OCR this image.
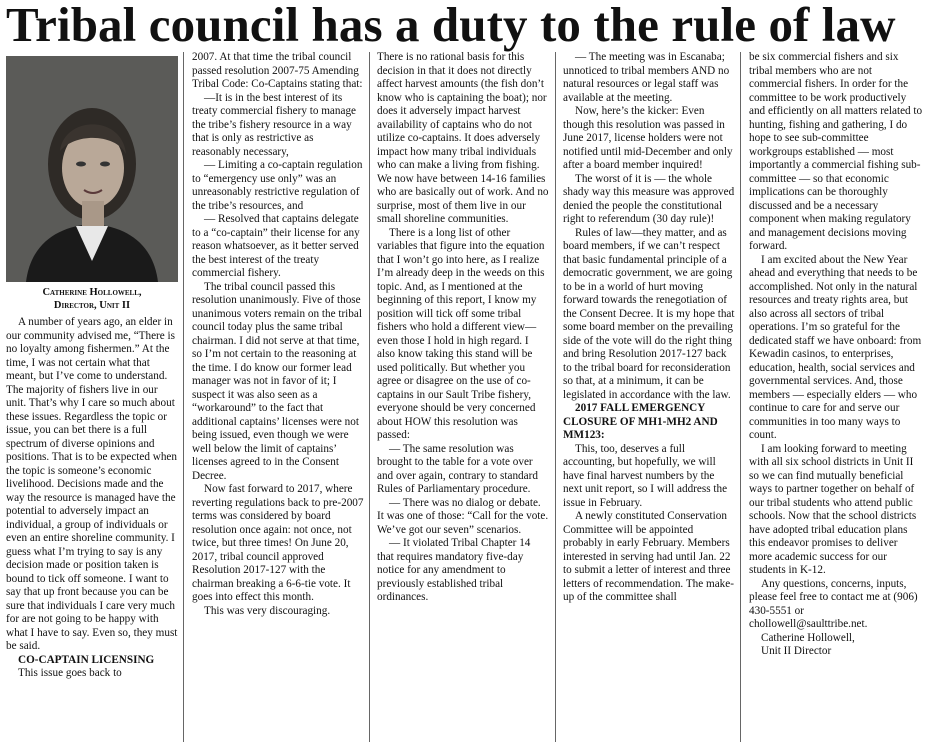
Tribal council has a duty to the rule of law
Catherine Hollowell,
Director, Unit II

A number of years ago, an elder in our community advised me, “There is no loyalty among fishermen.” At the time, I was not certain what that meant, but I’ve come to understand. The majority of fishers live in our unit. That’s why I care so much about these issues. Regardless the topic or issue, you can bet there is a full spectrum of diverse opinions and positions. That is to be expected when the topic is someone’s economic livelihood. Decisions made and the way the resource is managed have the potential to adversely impact an individual, a group of individuals or even an entire shoreline community. I guess what I’m trying to say is any decision made or position taken is bound to tick off someone. I want to say that up front because you can be sure that individuals I care very much for are not going to be happy with what I have to say. Even so, they must be said.

CO-CAPTAIN LICENSING

This issue goes back to

2007. At that time the tribal council passed resolution 2007-75 Amending Tribal Code: Co-Captains stating that:

—It is in the best interest of its treaty commercial fishery to manage the tribe’s fishery resource in a way that is only as restrictive as reasonably necessary,

— Limiting a co-captain regulation to “emergency use only” was an unreasonably restrictive regulation of the tribe’s resources, and

— Resolved that captains delegate to a “co-captain” their license for any reason whatsoever, as it better served the best interest of the treaty commercial fishery.

The tribal council passed this resolution unanimously. Five of those unanimous voters remain on the tribal council today plus the same tribal chairman. I did not serve at that time, so I’m not certain to the reasoning at the time. I do know our former lead manager was not in favor of it; I suspect it was also seen as a “workaround” to the fact that additional captains’ licenses were not being issued, even though we were well below the limit of captains’ licenses agreed to in the Consent Decree.

Now fast forward to 2017, where reverting regulations back to pre-2007 terms was considered by board resolution once again: not once, not twice, but three times! On June 20, 2017, tribal council approved Resolution 2017-127 with the chairman breaking a 6-6-tie vote. It goes into effect this month.

This was very discouraging.

There is no rational basis for this decision in that it does not directly affect harvest amounts (the fish don’t know who is captaining the boat); nor does it adversely impact harvest availability of captains who do not utilize co-captains. It does adversely impact how many tribal individuals who can make a living from fishing. We now have between 14-16 families who are basically out of work. And no surprise, most of them live in our small shoreline communities.

There is a long list of other variables that figure into the equation that I won’t go into here, as I realize I’m already deep in the weeds on this topic. And, as I mentioned at the beginning of this report, I know my position will tick off some tribal fishers who hold a different view—even those I hold in high regard. I also know taking this stand will be used politically. But whether you agree or disagree on the use of co-captains in our Sault Tribe fishery, everyone should be very concerned about HOW this resolution was passed:

— The same resolution was brought to the table for a vote over and over again, contrary to standard Rules of Parliamentary procedure.

— There was no dialog or debate. It was one of those: “Call for the vote. We’ve got our seven” scenarios.

— It violated Tribal Chapter 14 that requires mandatory five-day notice for any amendment to previously established tribal ordinances.

— The meeting was in Escanaba; unnoticed to tribal members AND no natural resources or legal staff was available at the meeting.

Now, here’s the kicker: Even though this resolution was passed in June 2017, license holders were not notified until mid-December and only after a board member inquired!

The worst of it is — the whole shady way this measure was approved denied the people the constitutional right to referendum (30 day rule)!

Rules of law—they matter, and as board members, if we can’t respect that basic fundamental principle of a democratic government, we are going to be in a world of hurt moving forward towards the renegotiation of the Consent Decree. It is my hope that some board member on the prevailing side of the vote will do the right thing and bring Resolution 2017-127 back to the tribal board for reconsideration so that, at a minimum, it can be legislated in accordance with the law.

2017 FALL EMERGENCY CLOSURE OF MH1-MH2 AND MM123:

This, too, deserves a full accounting, but hopefully, we will have final harvest numbers by the next unit report, so I will address the issue in February.

A newly constituted Conservation Committee will be appointed probably in early February. Members interested in serving had until Jan. 22 to submit a letter of interest and three letters of recommendation. The make-up of the committee shall

be six commercial fishers and six tribal members who are not commercial fishers. In order for the committee to be work productively and efficiently on all matters related to hunting, fishing and gathering, I do hope to see sub-committee workgroups established — most importantly a commercial fishing sub-committee — so that economic implications can be thoroughly discussed and be a necessary component when making regulatory and management decisions moving forward.

I am excited about the New Year ahead and everything that needs to be accomplished. Not only in the natural resources and treaty rights area, but also across all sectors of tribal operations. I’m so grateful for the dedicated staff we have onboard: from Kewadin casinos, to enterprises, education, health, social services and governmental services. And, those members — especially elders — who continue to care for and serve our communities in too many ways to count.

I am looking forward to meeting with all six school districts in Unit II so we can find mutually beneficial ways to partner together on behalf of our tribal students who attend public schools. Now that the school districts have adopted tribal education plans this endeavor promises to deliver more academic success for our students in K-12.

Any questions, concerns, inputs, please feel free to contact me at (906) 430-5551 or chollowell@saulttribe.net.

Catherine Hollowell,

Unit II Director
